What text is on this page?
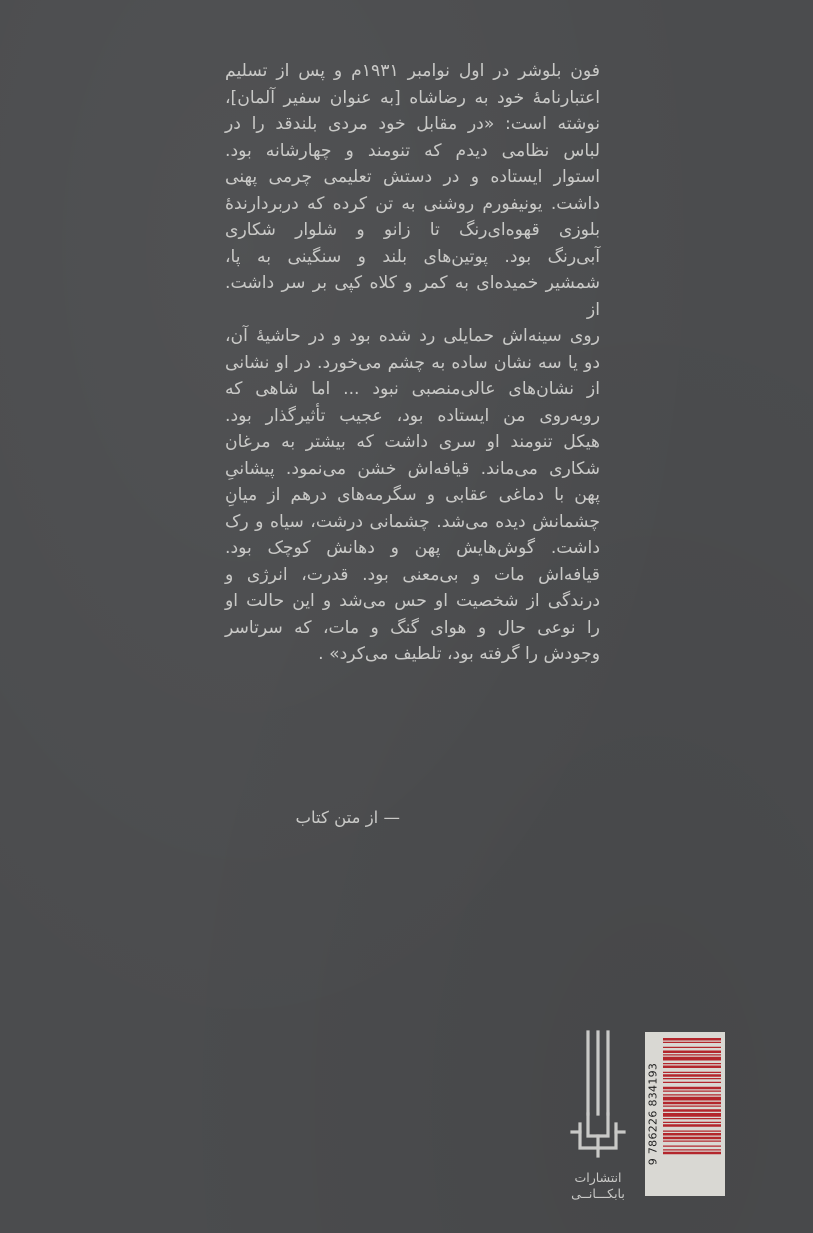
فون بلوشر در اول نوامبر ۱۹۳۱م و پس از تسلیم
اعتبارنامهٔ خود به رضاشاه [به عنوان سفیر آلمان]،
نوشته است: «در مقابل خود مردی بلندقد را در
لباس نظامی دیدم که تنومند و چهارشانه بود.
استوار ایستاده و در دستش تعلیمی چرمی پهنی
داشت. یونیفورم روشنی به تن کرده که دربردارندهٔ
بلوزی قهوه‌ای‌رنگ تا زانو و شلوار شکاری
آبی‌رنگ بود. پوتین‌های بلند و سنگینی به پا،
شمشیر خمیده‌ای به کمر و کلاه کپی بر سر داشت. از
روی سینه‌اش حمایلی رد شده بود و در حاشیهٔ آن،
دو یا سه نشان ساده به چشم می‌خورد. در او نشانی
از نشان‌های عالی‌منصبی نبود ... اما شاهی که
روبه‌روی من ایستاده بود، عجیب تأثیرگذار بود.
هیکل تنومند او سری داشت که بیشتر به مرغان
شکاری می‌ماند. قیافه‌اش خشن می‌نمود. پیشانیِ
پهن با دماغی عقابی و سگرمه‌های درهم از میانِ
چشمانش دیده می‌شد. چشمانی درشت، سیاه و رک
داشت. گوش‌هایش پهن و دهانش کوچک بود.
قیافه‌اش مات و بی‌معنی بود. قدرت، انرژی و
درندگی از شخصیت او حس می‌شد و این حالت او
را نوعی حال و هوای گنگ و مات، که سرتاسر
وجودش را گرفته بود، تلطیف می‌کرد» .
— از متن کتاب
انتشارات
بابکـــانــی
9 786226 834193
